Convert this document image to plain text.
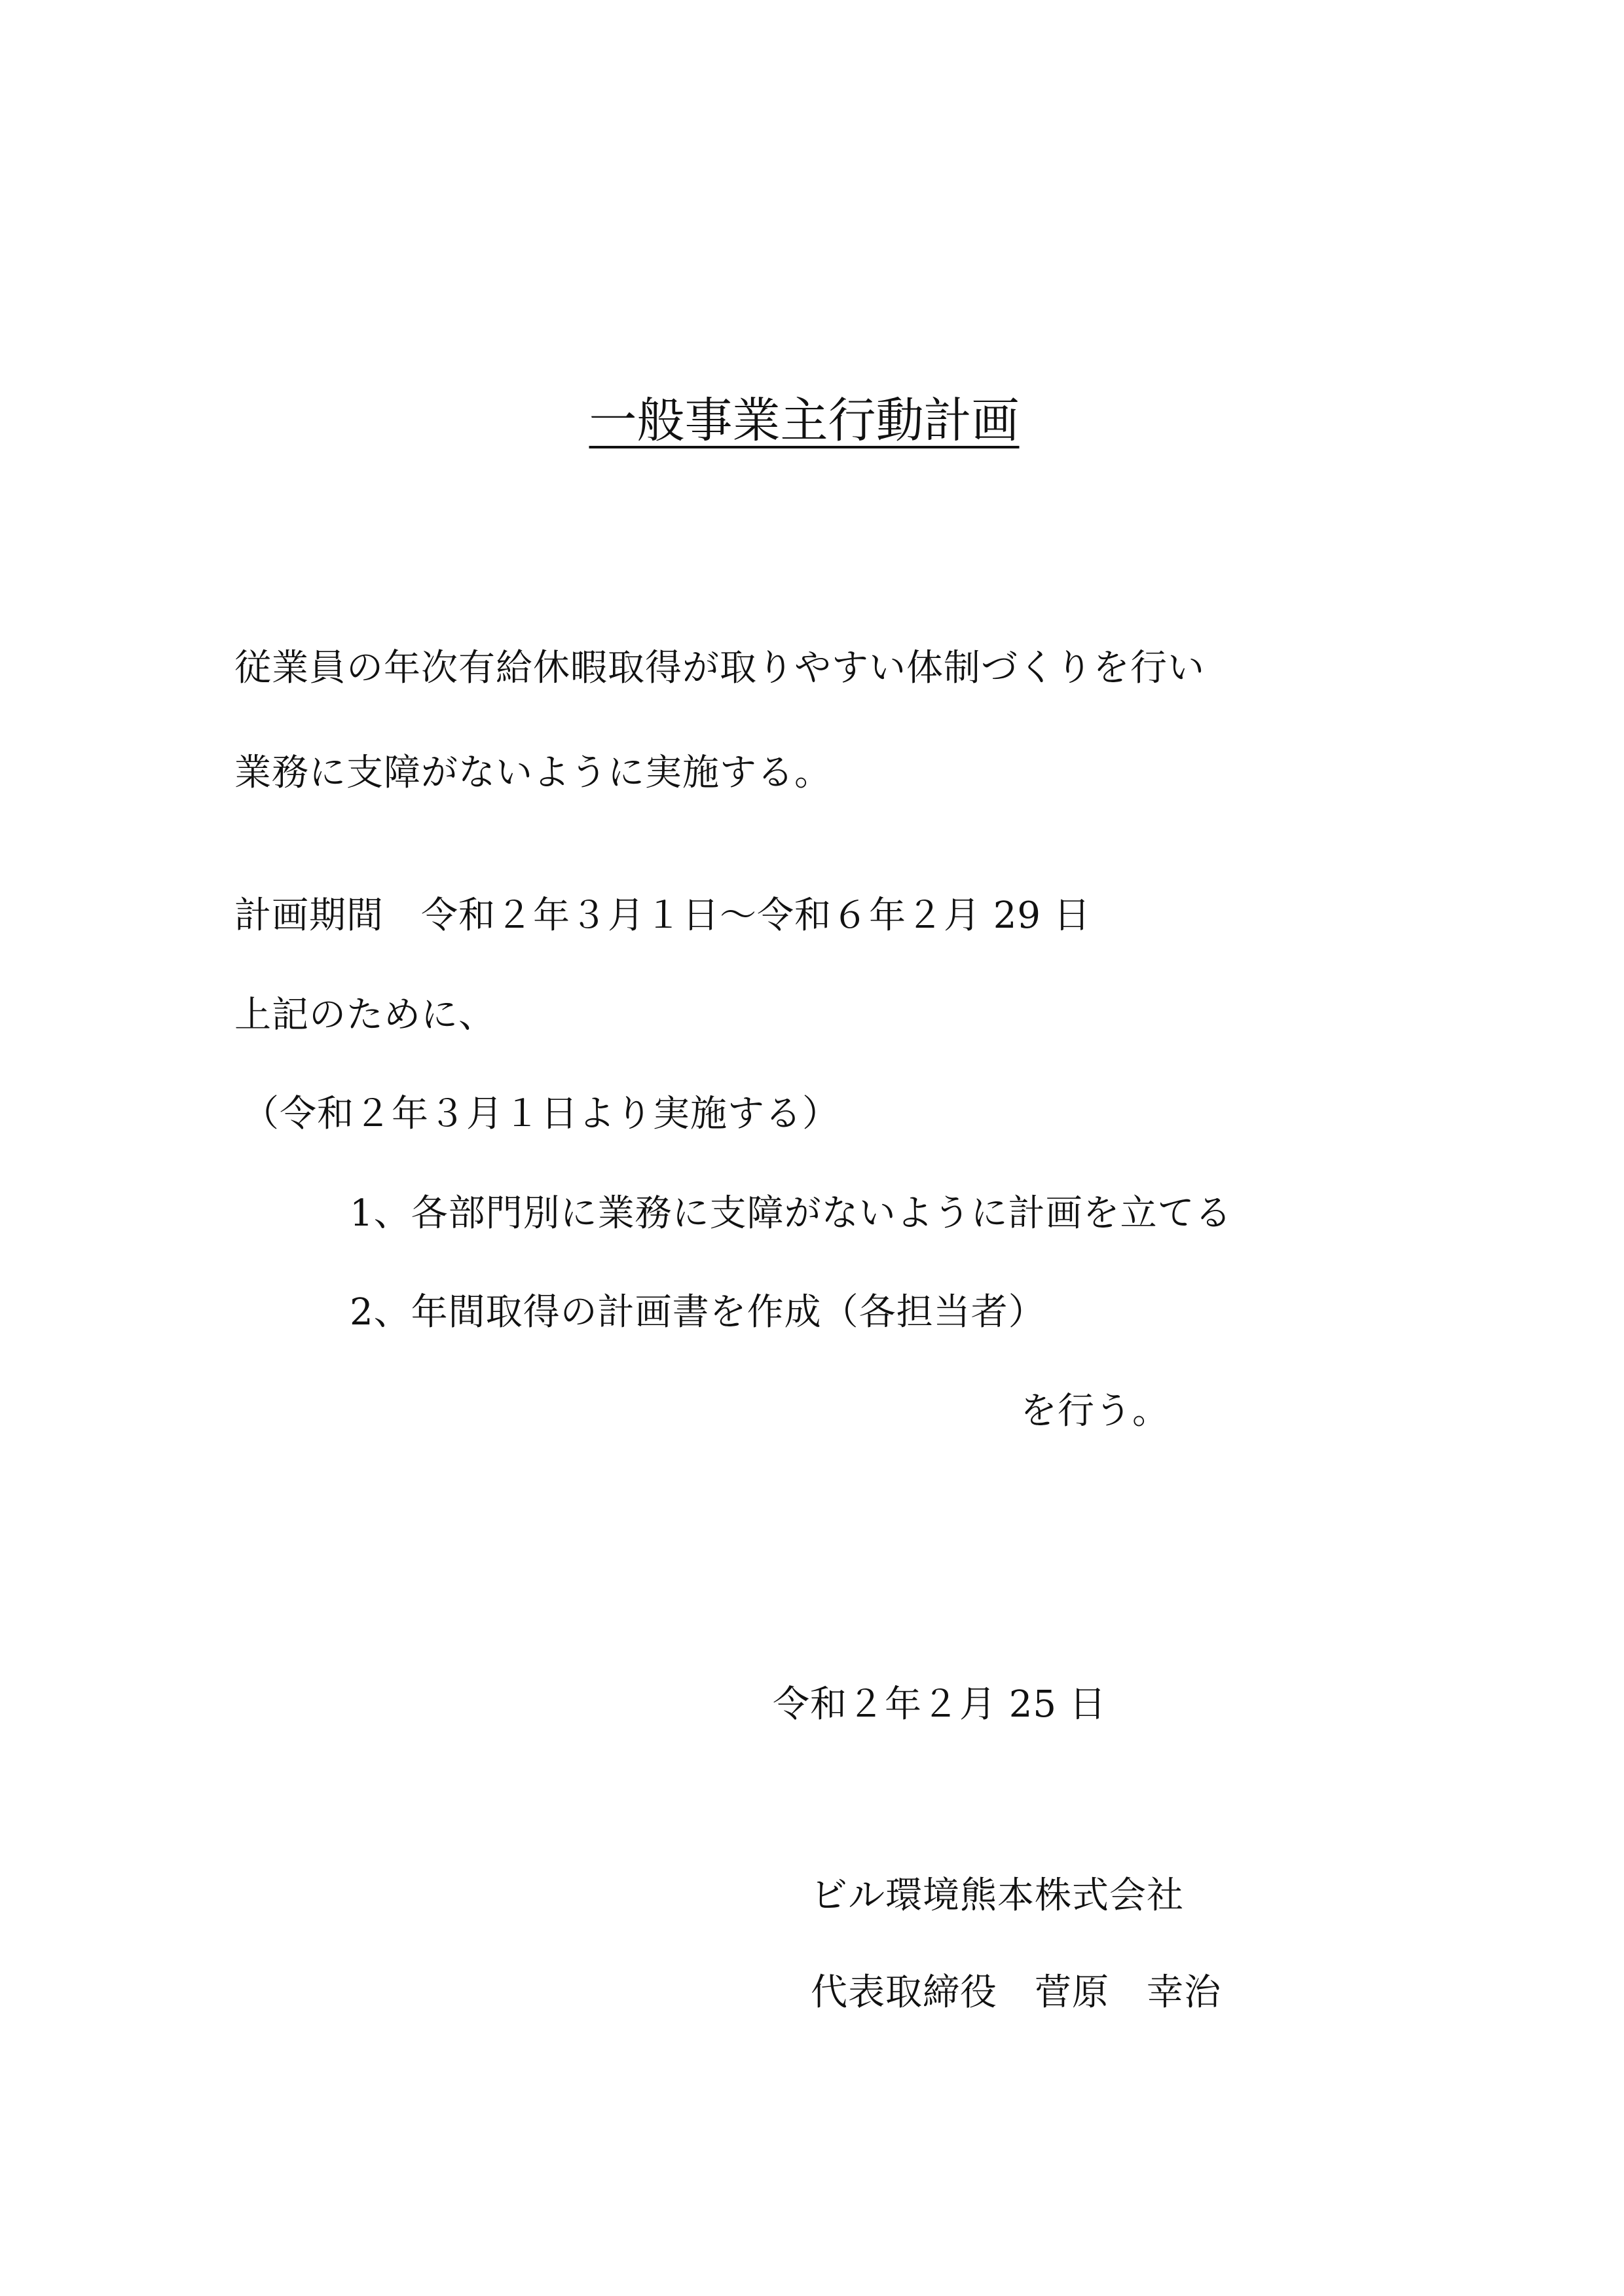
一般事業主行動計画
従業員の年次有給休暇取得が取りやすい体制づくりを行い
業務に支障がないように実施する。
計画期間　令和２年３月１日～令和６年２月 29 日
上記のために、
（令和２年３月１日より実施する）
1、各部門別に業務に支障がないように計画を立てる
2、年間取得の計画書を作成（各担当者）
を行う。
令和２年２月 25 日
ビル環境熊本株式会社
代表取締役　菅原　幸治
